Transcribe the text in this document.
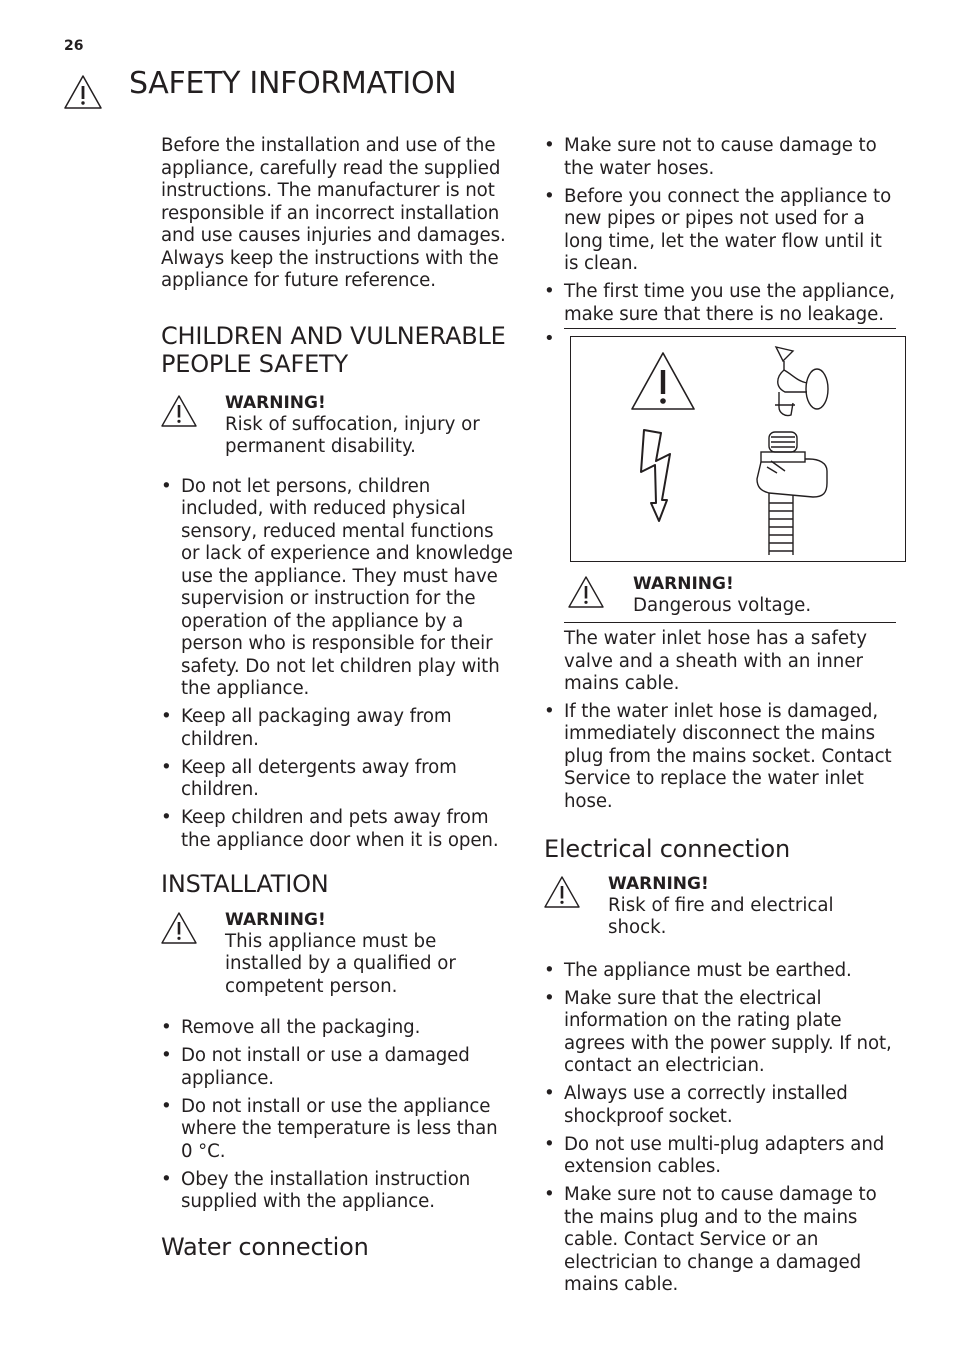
26
SAFETY INFORMATION

Before the installation and use of the appliance, carefully read the supplied instructions. The manufacturer is not responsible if an incorrect installation and use causes injuries and damages. Always keep the instructions with the appliance for future reference.

CHILDREN AND VULNERABLE PEOPLE SAFETY
WARNING!
Risk of suffocation, injury or permanent disability.
• Do not let persons, children included, with reduced physical sensory, reduced mental functions or lack of experience and knowledge use the appliance. They must have supervision or instruction for the operation of the appliance by a person who is responsible for their safety. Do not let children play with the appliance.
• Keep all packaging away from children.
• Keep all detergents away from children.
• Keep children and pets away from the appliance door when it is open.
INSTALLATION
WARNING!
This appliance must be installed by a qualified or competent person.
• Remove all the packaging.
• Do not install or use a damaged appliance.
• Do not install or use the appliance where the temperature is less than 0 °C.
• Obey the installation instruction supplied with the appliance.
Water connection
• Make sure not to cause damage to the water hoses.
• Before you connect the appliance to new pipes or pipes not used for a long time, let the water flow until it is clean.
• The first time you use the appliance, make sure that there is no leakage.
•
WARNING!
Dangerous voltage.
The water inlet hose has a safety valve and a sheath with an inner mains cable.
• If the water inlet hose is damaged, immediately disconnect the mains plug from the mains socket. Contact Service to replace the water inlet hose.
Electrical connection
WARNING!
Risk of fire and electrical shock.
• The appliance must be earthed.
• Make sure that the electrical information on the rating plate agrees with the power supply. If not, contact an electrician.
• Always use a correctly installed shockproof socket.
• Do not use multi-plug adapters and extension cables.
• Make sure not to cause damage to the mains plug and to the mains cable. Contact Service or an electrician to change a damaged mains cable.
